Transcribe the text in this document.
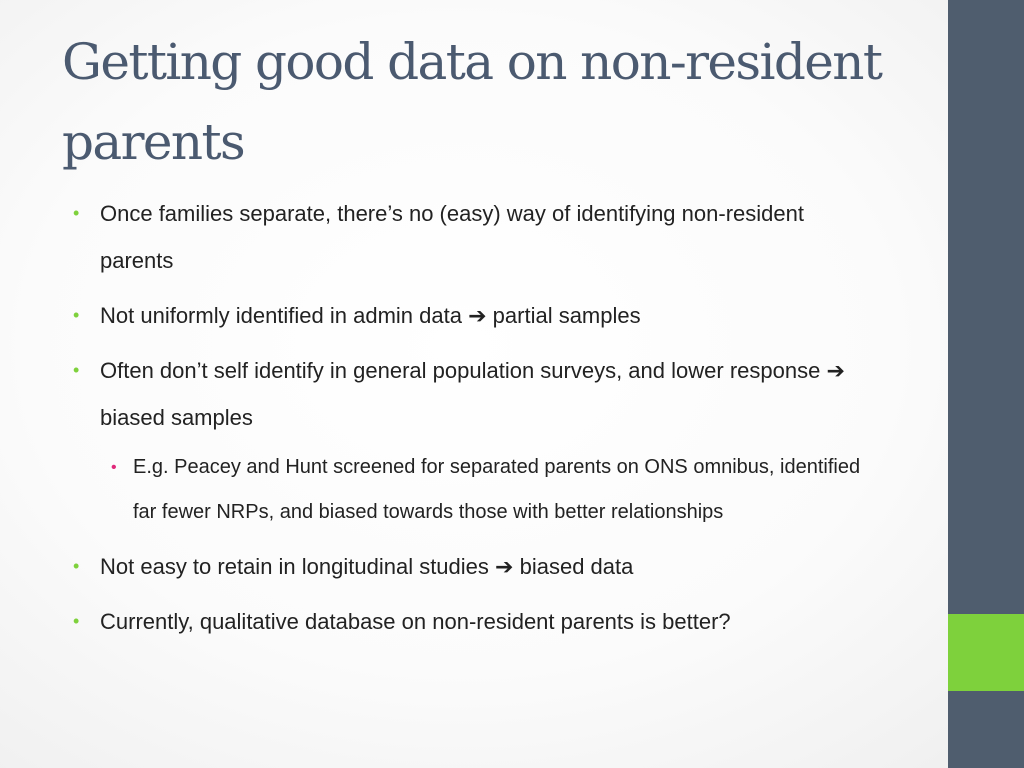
Getting good data on non-resident parents
• Once families separate, there’s no (easy) way of identifying non-resident parents
• Not uniformly identified in admin data ➔ partial samples
• Often don’t self identify in general population surveys, and lower response ➔ biased samples
• E.g. Peacey and Hunt screened for separated parents on ONS omnibus, identified far fewer NRPs, and biased towards those with better relationships
• Not easy to retain in longitudinal studies ➔ biased data
• Currently, qualitative database on non-resident parents is better?
